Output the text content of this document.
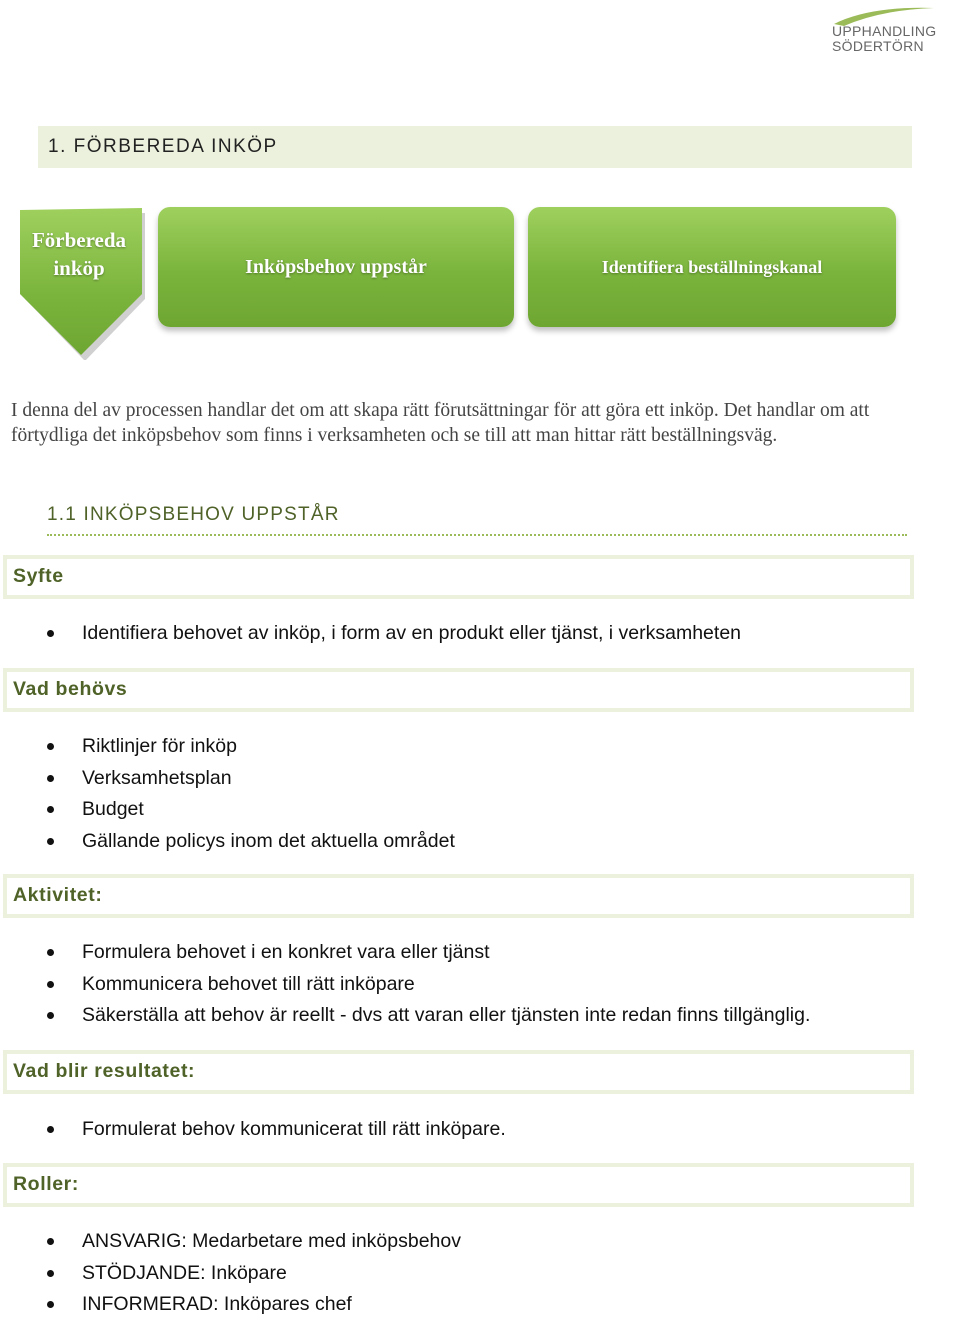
UPPHANDLING
SÖDERTÖRN
1. FÖRBEREDA INKÖP
Förbereda
inköp	Inköpsbehov uppstår	Identifiera beställningskanal
I denna del av processen handlar det om att skapa rätt förutsättningar för att göra ett inköp. Det handlar om att förtydliga det inköpsbehov som finns i verksamheten och se till att man hittar rätt beställningsväg.
1.1 INKÖPSBEHOV UPPSTÅR
Syfte
Identifiera behovet av inköp, i form av en produkt eller tjänst, i verksamheten
Vad behövs
Riktlinjer för inköp
Verksamhetsplan
Budget
Gällande policys inom det aktuella området
Aktivitet:
Formulera behovet i en konkret vara eller tjänst
Kommunicera behovet till rätt inköpare
Säkerställa att behov är reellt - dvs att varan eller tjänsten inte redan finns tillgänglig.
Vad blir resultatet:
Formulerat behov kommunicerat till rätt inköpare.
Roller:
ANSVARIG: Medarbetare med inköpsbehov
STÖDJANDE: Inköpare
INFORMERAD: Inköpares chef
